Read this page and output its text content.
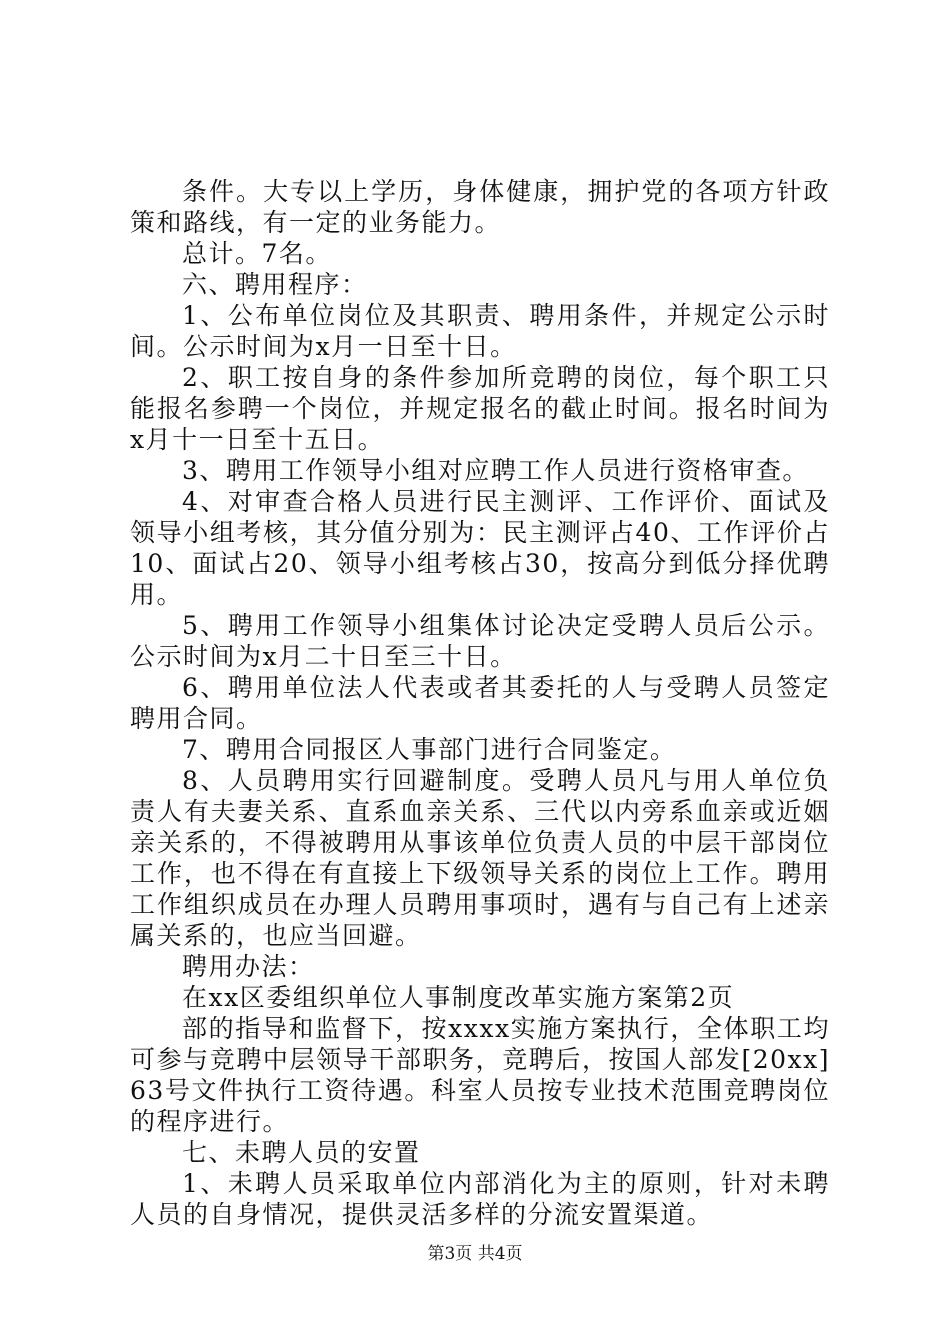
条件。大专以上学历，身体健康，拥护党的各项方针政策和路线，有一定的业务能力。

总计。7名。

六、聘用程序：

1、公布单位岗位及其职责、聘用条件，并规定公示时间。公示时间为x月一日至十日。

2、职工按自身的条件参加所竞聘的岗位，每个职工只能报名参聘一个岗位，并规定报名的截止时间。报名时间为x月十一日至十五日。

3、聘用工作领导小组对应聘工作人员进行资格审查。

4、对审查合格人员进行民主测评、工作评价、面试及领导小组考核，其分值分别为：民主测评占40、工作评价占10、面试占20、领导小组考核占30，按高分到低分择优聘用。

5、聘用工作领导小组集体讨论决定受聘人员后公示。公示时间为x月二十日至三十日。

6、聘用单位法人代表或者其委托的人与受聘人员签定聘用合同。

7、聘用合同报区人事部门进行合同鉴定。

8、人员聘用实行回避制度。受聘人员凡与用人单位负责人有夫妻关系、直系血亲关系、三代以内旁系血亲或近姻亲关系的，不得被聘用从事该单位负责人员的中层干部岗位工作，也不得在有直接上下级领导关系的岗位上工作。聘用工作组织成员在办理人员聘用事项时，遇有与自己有上述亲属关系的，也应当回避。

聘用办法：

在xx区委组织单位人事制度改革实施方案第2页

部的指导和监督下，按xxxx实施方案执行，全体职工均可参与竞聘中层领导干部职务，竞聘后，按国人部发[20xx]63号文件执行工资待遇。科室人员按专业技术范围竞聘岗位的程序进行。

七、未聘人员的安置

1、未聘人员采取单位内部消化为主的原则，针对未聘人员的自身情况，提供灵活多样的分流安置渠道。

第3页 共4页
